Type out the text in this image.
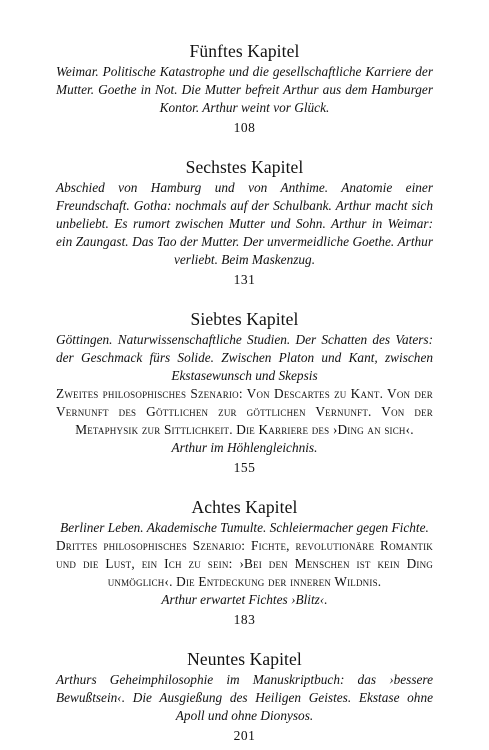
Fünftes Kapitel

Weimar. Politische Katastrophe und die gesellschaftliche Karriere der Mutter. Goethe in Not. Die Mutter befreit Arthur aus dem Hamburger Kontor. Arthur weint vor Glück.

108
Sechstes Kapitel

Abschied von Hamburg und von Anthime. Anatomie einer Freundschaft. Gotha: nochmals auf der Schulbank. Arthur macht sich unbeliebt. Es rumort zwischen Mutter und Sohn. Arthur in Weimar: ein Zaungast. Das Tao der Mutter. Der unvermeidliche Goethe. Arthur verliebt. Beim Maskenzug.

131
Siebtes Kapitel

Göttingen. Naturwissenschaftliche Studien. Der Schatten des Vaters: der Geschmack fürs Solide. Zwischen Platon und Kant, zwischen Ekstasewunsch und Skepsis

Zweites philosophisches Szenario: Von Descartes zu Kant. Von der Vernunft des Göttlichen zur göttlichen Vernunft. Von der Metaphysik zur Sittlichkeit. Die Karriere des ›Ding an sich‹.

Arthur im Höhlengleichnis.

155
Achtes Kapitel

Berliner Leben. Akademische Tumulte. Schleiermacher gegen Fichte.

Drittes philosophisches Szenario: Fichte, revolutionäre Romantik und die Lust, ein Ich zu sein: ›Bei den Menschen ist kein Ding unmöglich‹. Die Entdeckung der inneren Wildnis.

Arthur erwartet Fichtes ›Blitz‹.

183
Neuntes Kapitel

Arthurs Geheimphilosophie im Manuskriptbuch: das ›bessere Bewußtsein‹. Die Ausgießung des Heiligen Geistes. Ekstase ohne Apoll und ohne Dionysos.

201
